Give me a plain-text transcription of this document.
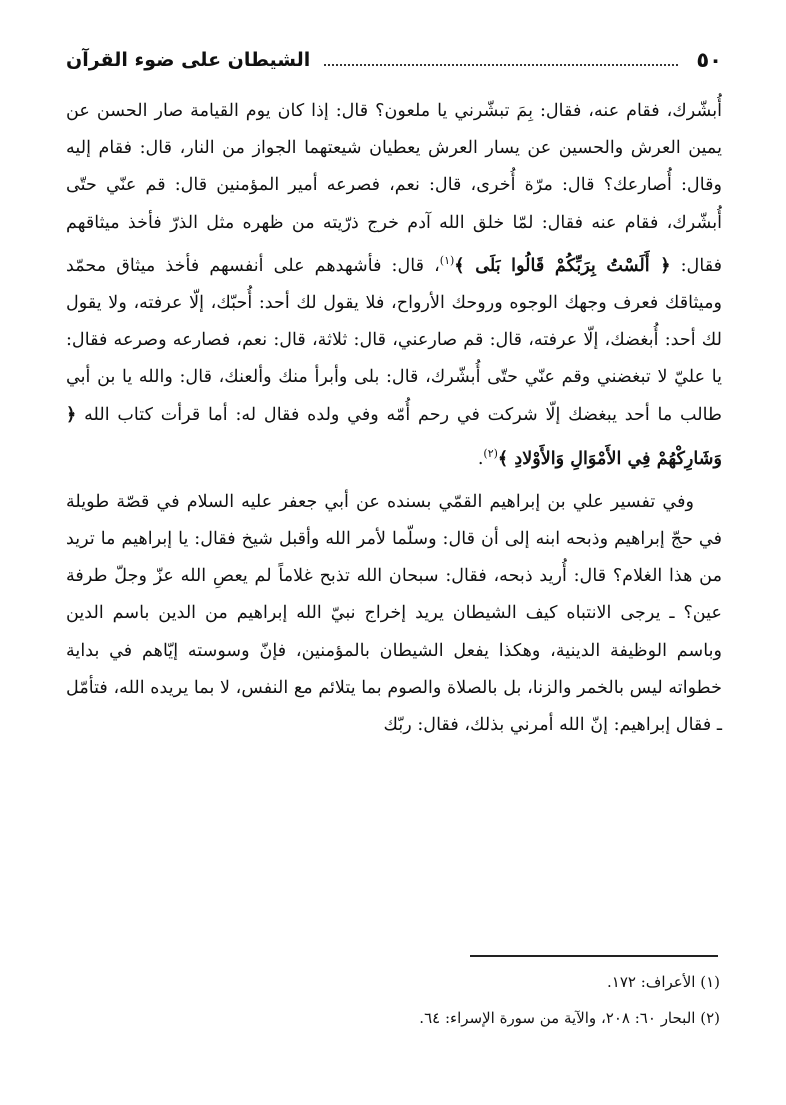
٥٠
الشيطان على ضوء القرآن

أُبشّرك، فقام عنه، فقال: بِمَ تبشّرني يا ملعون؟ قال: إذا كان يوم القيامة صار الحسن عن يمين العرش والحسين عن يسار العرش يعطيان شيعتهما الجواز من النار، قال: فقام إليه وقال: أُصارعك؟ قال: مرّة أُخرى، قال: نعم، فصرعه أمير المؤمنين قال: قم عنّي حتّى أُبشّرك، فقام عنه فقال: لمّا خلق الله آدم خرج ذرّيته من ظهره مثل الذرّ فأخذ ميثاقهم فقال: ﴿ أَلَسْتُ بِرَبِّكُمْ قَالُوا بَلَى ﴾$^{(١)}$، قال: فأشهدهم على أنفسهم فأخذ ميثاق محمّد وميثاقك فعرف وجهك الوجوه وروحك الأرواح، فلا يقول لك أحد: أُحبّك، إلّا عرفته، ولا يقول لك أحد: أُبغضك، إلّا عرفته، قال: قم صارعني، قال: ثلاثة، قال: نعم، فصارعه وصرعه فقال: يا عليّ لا تبغضني وقم عنّي حتّى أُبشّرك، قال: بلى وأبرأ منك وألعنك، قال: والله يا بن أبي طالب ما أحد يبغضك إلّا شركت في رحم أُمّه وفي ولده فقال له: أما قرأت كتاب الله ﴿ وَشَارِكْهُمْ فِي الأَمْوَالِ وَالأَوْلادِ ﴾$^{(٢)}$.

وفي تفسير علي بن إبراهيم القمّي بسنده عن أبي جعفر عليه السلام في قصّة طويلة في حجّ إبراهيم وذبحه ابنه إلى أن قال: وسلّما لأمر الله وأقبل شيخ فقال: يا إبراهيم ما تريد من هذا الغلام؟ قال: أُريد ذبحه، فقال: سبحان الله تذبح غلاماً لم يعصِ الله عزّ وجلّ طرفة عين؟ ـ يرجى الانتباه كيف الشيطان يريد إخراج نبيّ الله إبراهيم من الدين باسم الدين وباسم الوظيفة الدينية، وهكذا يفعل الشيطان بالمؤمنين، فإنّ وسوسته إيّاهم في بداية خطواته ليس بالخمر والزنا، بل بالصلاة والصوم بما يتلائم مع النفس، لا بما يريده الله، فتأمّل ـ فقال إبراهيم: إنّ الله أمرني بذلك، فقال: ربّك

(١) الأعراف: ١٧٢.

(٢) البحار ٦٠: ٢٠٨، والآية من سورة الإسراء: ٦٤.
